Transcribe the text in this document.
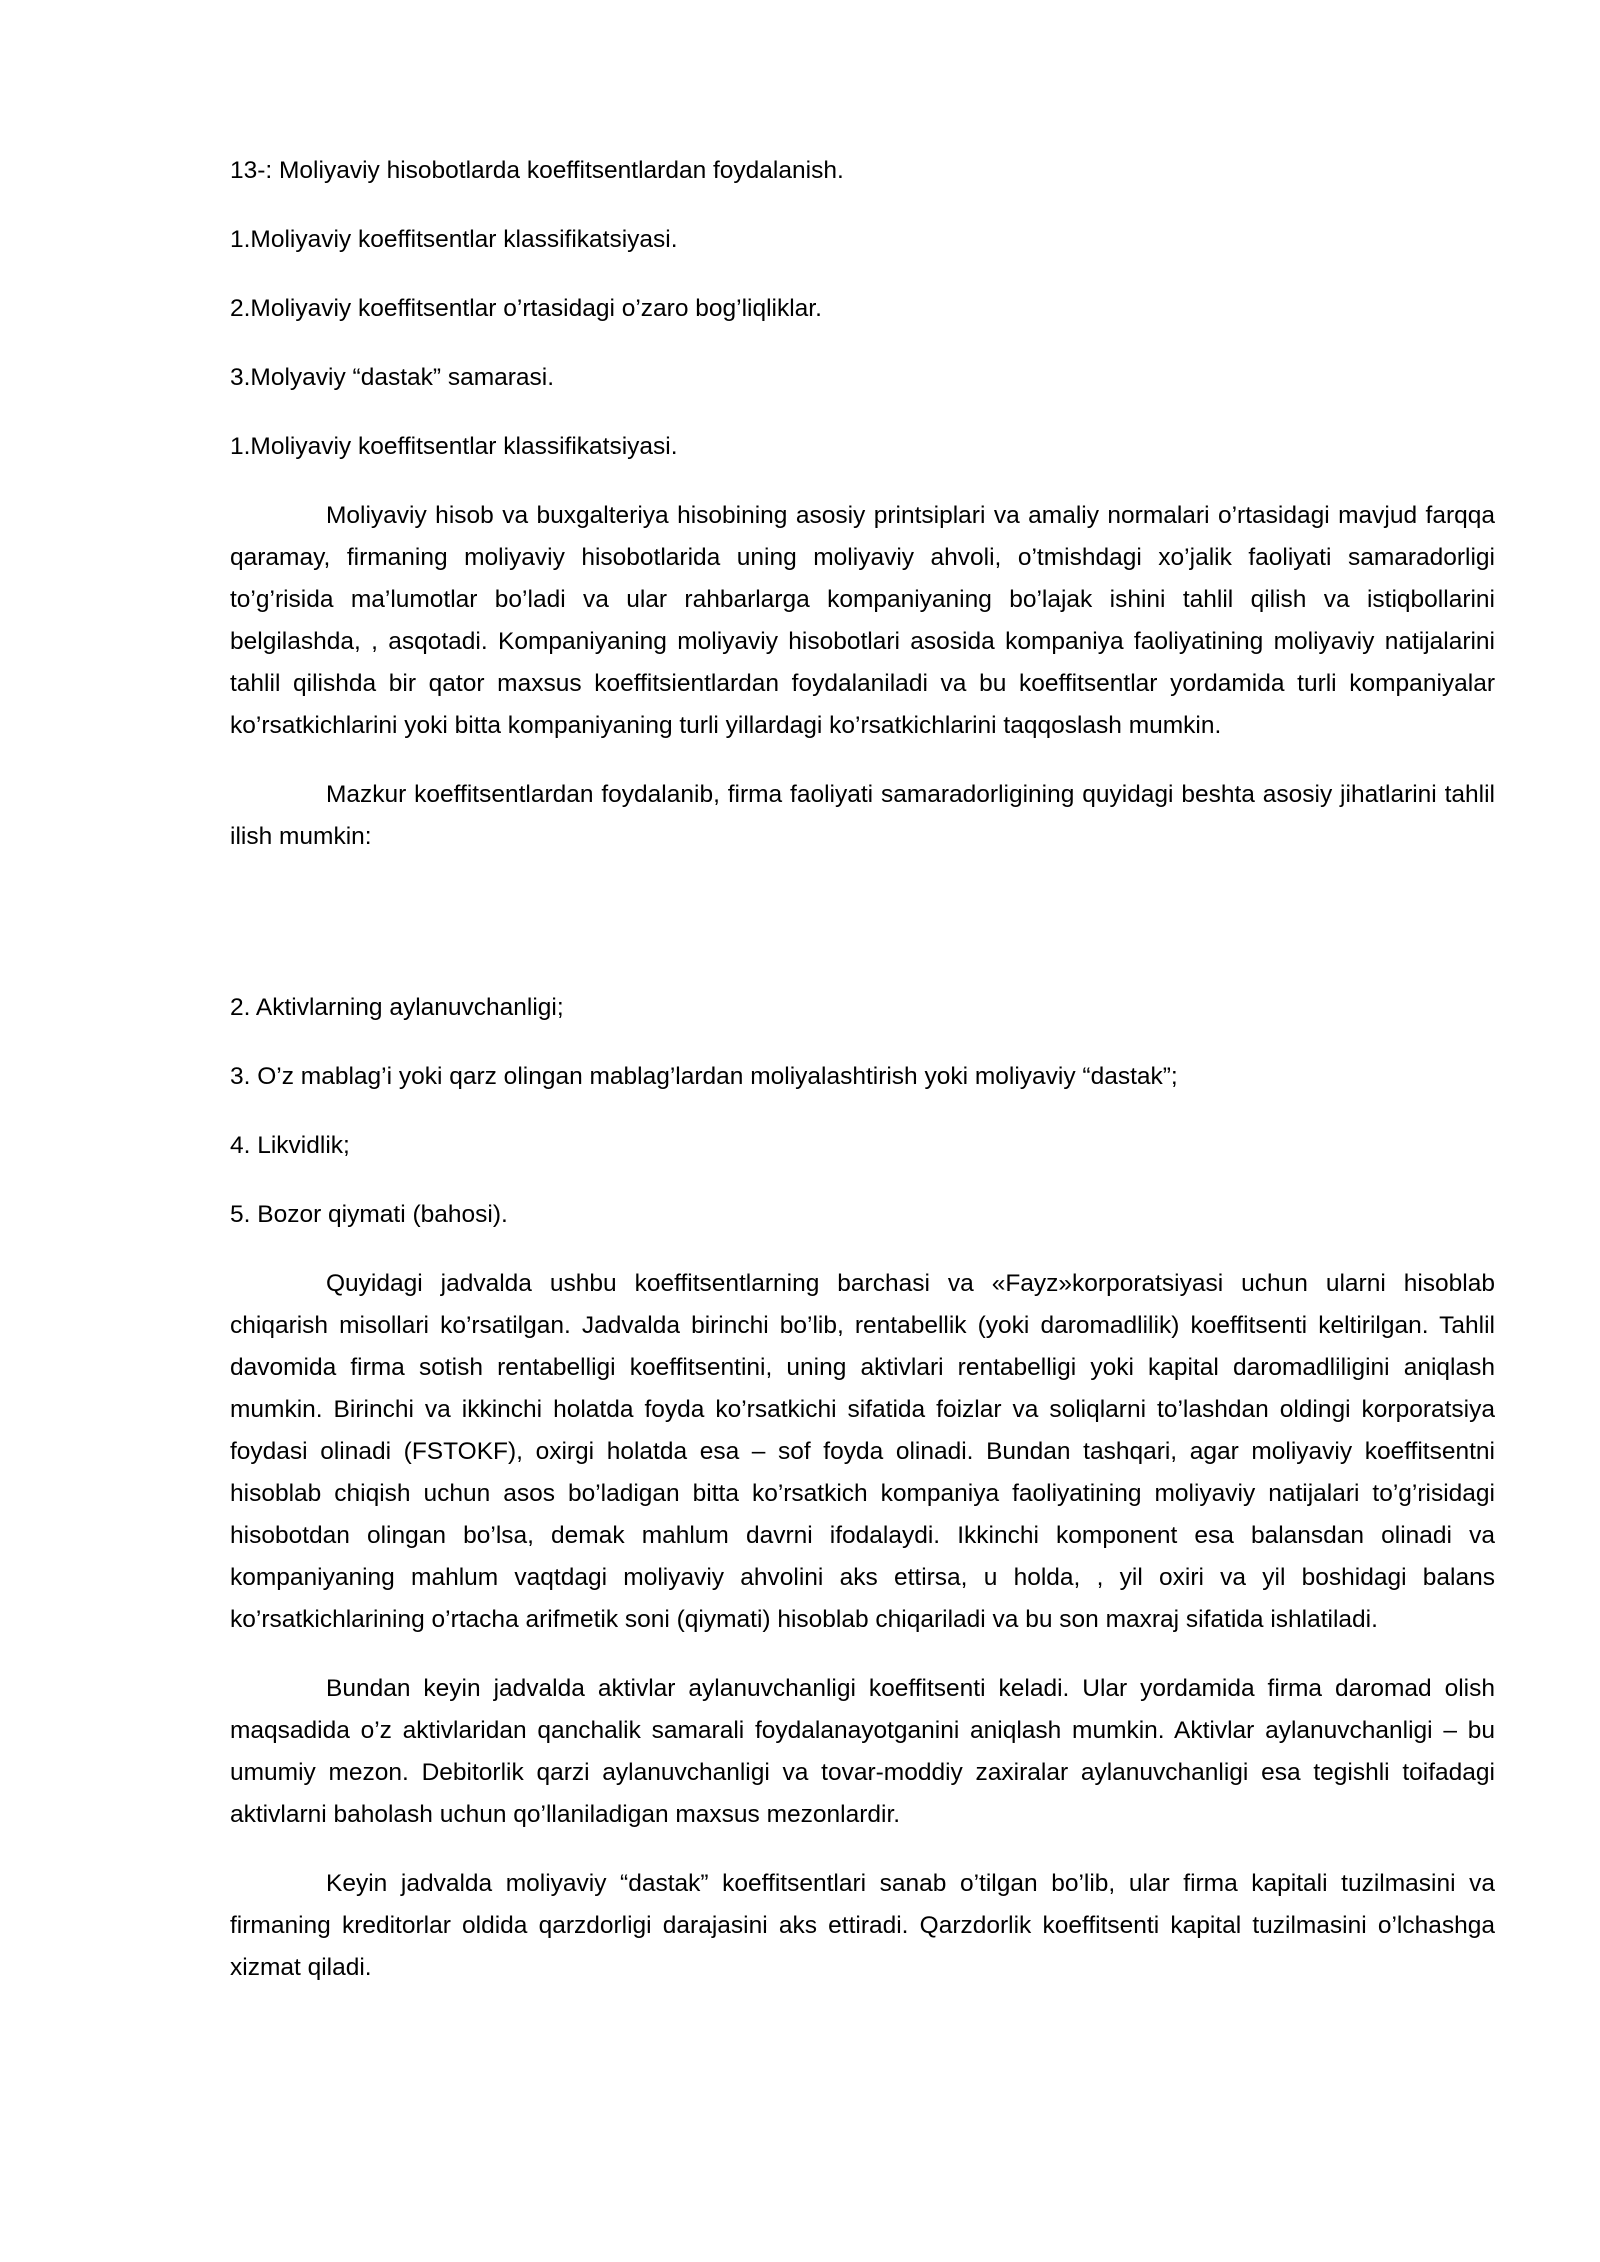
13-: Moliyaviy hisobotlarda koeffitsentlardan foydalanish.

1.Moliyaviy koeffitsentlar klassifikatsiyasi.

2.Moliyaviy koeffitsentlar o’rtasidagi o’zaro bog’liqliklar.

3.Molyaviy “dastak” samarasi.

1.Moliyaviy koeffitsentlar klassifikatsiyasi.

Moliyaviy hisob va buxgalteriya hisobining asosiy printsiplari va amaliy normalari o’rtasidagi mavjud farqqa qaramay, firmaning moliyaviy hisobotlarida uning moliyaviy ahvoli, o’tmishdagi xo’jalik faoliyati samaradorligi to’g’risida ma’lumotlar bo’ladi va ular rahbarlarga kompaniyaning bo’lajak ishini tahlil qilish va istiqbollarini belgilashda, , asqotadi. Kompaniyaning moliyaviy hisobotlari asosida kompaniya faoliyatining moliyaviy natijalarini tahlil qilishda bir qator maxsus koeffitsientlardan foydalaniladi va bu koeffitsentlar yordamida turli kompaniyalar ko’rsatkichlarini yoki bitta kompaniyaning turli yillardagi ko’rsatkichlarini taqqoslash mumkin.

Mazkur koeffitsentlardan foydalanib, firma faoliyati samaradorligining quyidagi beshta asosiy jihatlarini tahlil ilish mumkin:

2. Aktivlarning aylanuvchanligi;

3. O’z mablag’i yoki qarz olingan mablag’lardan moliyalashtirish yoki moliyaviy “dastak”;

4. Likvidlik;

5. Bozor qiymati (bahosi).

Quyidagi jadvalda ushbu koeffitsentlarning barchasi va «Fayz»korporatsiyasi uchun ularni hisoblab chiqarish misollari ko’rsatilgan. Jadvalda birinchi bo’lib, rentabellik (yoki daromadlilik) koeffitsenti keltirilgan. Tahlil davomida firma sotish rentabelligi koeffitsentini, uning aktivlari rentabelligi yoki kapital daromadliligini aniqlash mumkin. Birinchi va ikkinchi holatda foyda ko’rsatkichi sifatida foizlar va soliqlarni to’lashdan oldingi korporatsiya foydasi olinadi (FSTOKF), oxirgi holatda esa – sof foyda olinadi. Bundan tashqari, agar moliyaviy koeffitsentni hisoblab chiqish uchun asos bo’ladigan bitta ko’rsatkich kompaniya faoliyatining moliyaviy natijalari to’g’risidagi hisobotdan olingan bo’lsa, demak mahlum davrni ifodalaydi. Ikkinchi komponent esa balansdan olinadi va kompaniyaning mahlum vaqtdagi moliyaviy ahvolini aks ettirsa, u holda, , yil oxiri va yil boshidagi balans ko’rsatkichlarining o’rtacha arifmetik soni (qiymati) hisoblab chiqariladi va bu son maxraj sifatida ishlatiladi.

Bundan keyin jadvalda aktivlar aylanuvchanligi koeffitsenti keladi. Ular yordamida firma daromad olish maqsadida o’z aktivlaridan qanchalik samarali foydalanayotganini aniqlash mumkin. Aktivlar aylanuvchanligi – bu umumiy mezon. Debitorlik qarzi aylanuvchanligi va tovar-moddiy zaxiralar aylanuvchanligi esa tegishli toifadagi aktivlarni baholash uchun qo’llaniladigan maxsus mezonlardir.

Keyin jadvalda moliyaviy “dastak” koeffitsentlari sanab o’tilgan bo’lib, ular firma kapitali tuzilmasini va firmaning kreditorlar oldida qarzdorligi darajasini aks ettiradi. Qarzdorlik koeffitsenti kapital tuzilmasini o’lchashga xizmat qiladi.
